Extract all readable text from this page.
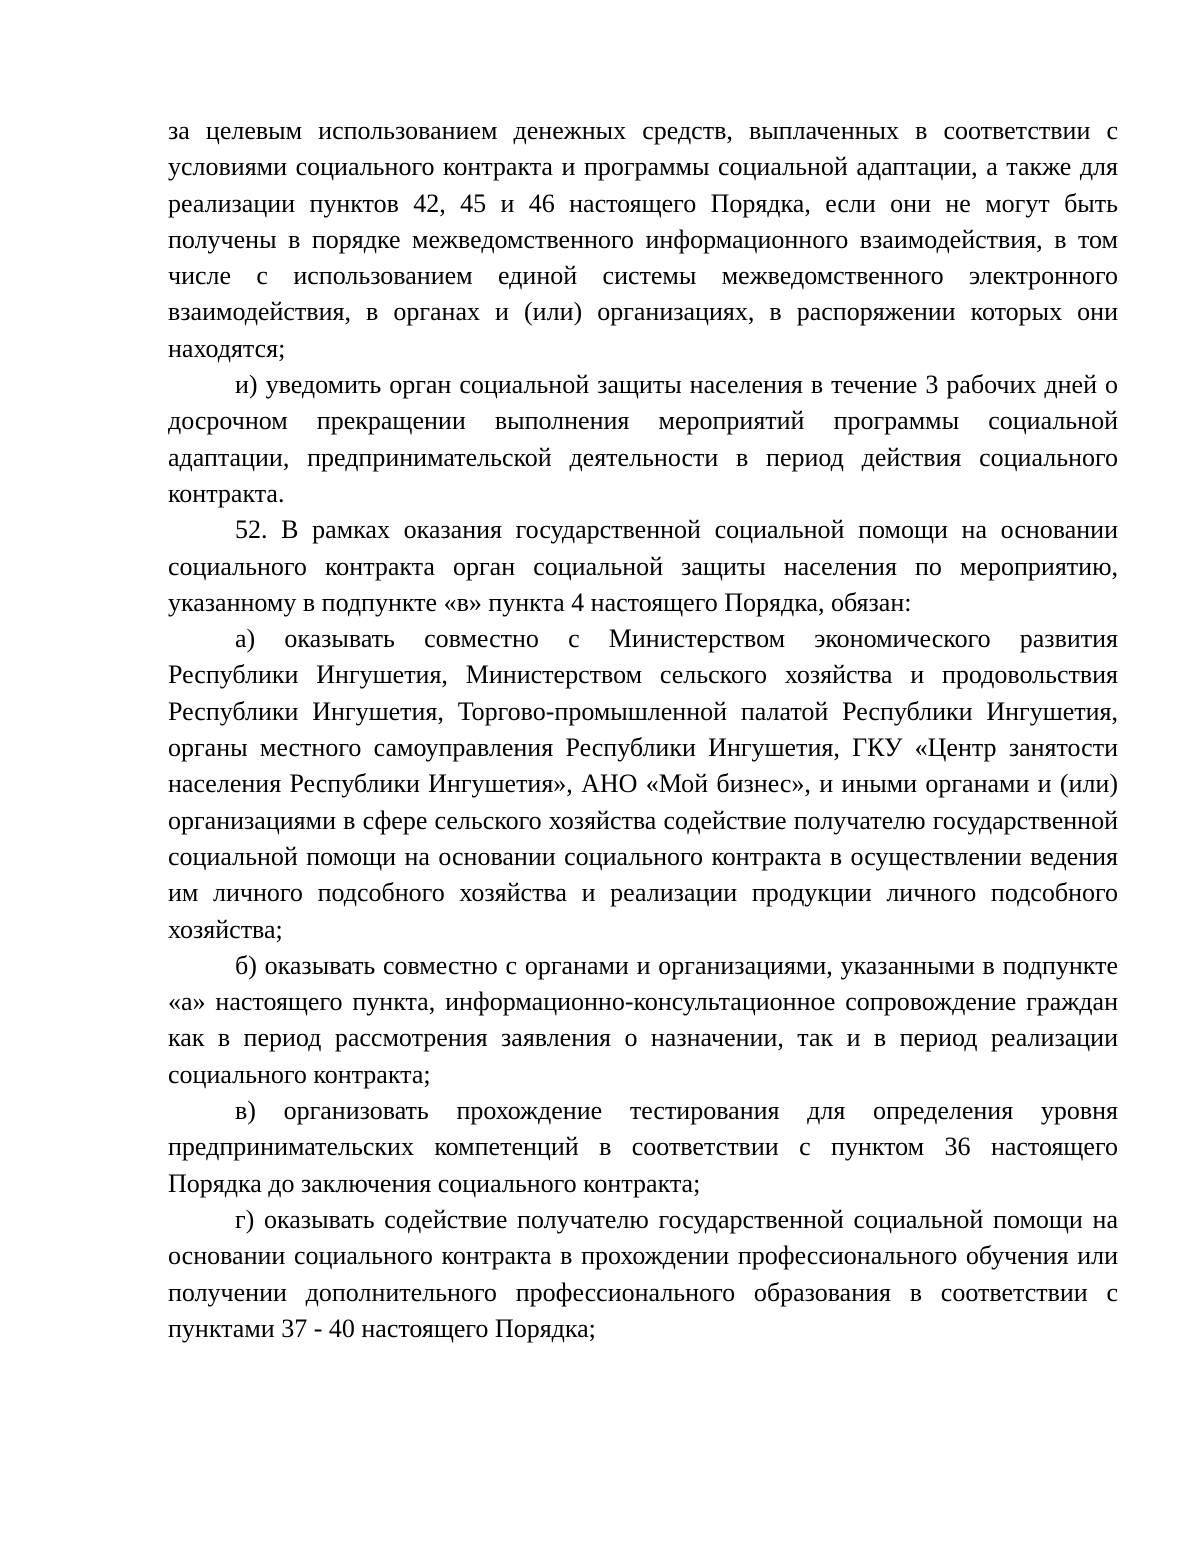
за целевым использованием денежных средств, выплаченных в соответствии с условиями социального контракта и программы социальной адаптации, а также для реализации пунктов 42, 45 и 46 настоящего Порядка, если они не могут быть получены в порядке межведомственного информационного взаимодействия, в том числе с использованием единой системы межведомственного электронного взаимодействия, в органах и (или) организациях, в распоряжении которых они находятся;

и) уведомить орган социальной защиты населения в течение 3 рабочих дней о досрочном прекращении выполнения мероприятий программы социальной адаптации, предпринимательской деятельности в период действия социального контракта.

52. В рамках оказания государственной социальной помощи на основании социального контракта орган социальной защиты населения по мероприятию, указанному в подпункте «в» пункта 4 настоящего Порядка, обязан:

а) оказывать совместно с Министерством экономического развития Республики Ингушетия, Министерством сельского хозяйства и продовольствия Республики Ингушетия, Торгово-промышленной палатой Республики Ингушетия, органы местного самоуправления Республики Ингушетия, ГКУ «Центр занятости населения Республики Ингушетия», АНО «Мой бизнес», и иными органами и (или) организациями в сфере сельского хозяйства содействие получателю государственной социальной помощи на основании социального контракта в осуществлении ведения им личного подсобного хозяйства и реализации продукции личного подсобного хозяйства;

б) оказывать совместно с органами и организациями, указанными в подпункте «а» настоящего пункта, информационно-консультационное сопровождение граждан как в период рассмотрения заявления о назначении, так и в период реализации социального контракта;

в) организовать прохождение тестирования для определения уровня предпринимательских компетенций в соответствии с пунктом 36 настоящего Порядка до заключения социального контракта;

г) оказывать содействие получателю государственной социальной помощи на основании социального контракта в прохождении профессионального обучения или получении дополнительного профессионального образования в соответствии с пунктами 37 - 40 настоящего Порядка;
